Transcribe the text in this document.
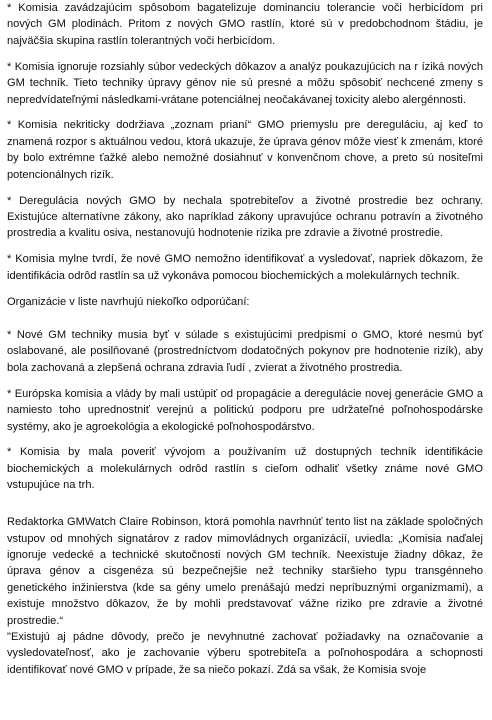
* Komisia zavádzajúcim spôsobom bagatelizuje dominanciu tolerancie voči herbicídom pri nových GM plodinách. Pritom z nových GMO rastlín, ktoré sú v predobchodnom štádiu, je najväčšia skupina rastlín tolerantných voči herbicídom.

* Komisia ignoruje rozsiahly súbor vedeckých dôkazov a analýz poukazujúcich na r íziká nových GM techník. Tieto techniky úpravy génov nie sú presné a môžu spôsobiť nechcené zmeny s nepredvídateľnými následkami-vrátane potenciálnej neočakávanej toxicity alebo alergénnosti.

* Komisia nekriticky dodržiava „zoznam prianí“ GMO priemyslu pre dereguláciu, aj keď to znamená rozpor s aktuálnou vedou, ktorá ukazuje, že úprava génov môže viesť k zmenám, ktoré by bolo extrémne ťažké alebo nemožné dosiahnuť v konvenčnom chove, a preto sú nositeľmi potencionálnych rizík.

* Deregulácia nových GMO by nechala spotrebiteľov a životné prostredie bez ochrany. Existujúce alternatívne zákony, ako napríklad zákony upravujúce ochranu potravín a životného prostredia a kvalitu osiva, nestanovujú hodnotenie rizika pre zdravie a životné prostredie.

* Komisia mylne tvrdí, že nové GMO nemožno identifikovať a vysledovať, napriek dôkazom, že identifikácia odrôd rastlín sa už vykonáva pomocou biochemických a molekulárnych techník.

Organizácie v liste navrhujú niekoľko odporúčaní:

* Nové GM techniky musia byť v súlade s existujúcimi predpismi o GMO, ktoré nesmú byť oslabované, ale posilňované (prostredníctvom dodatočných pokynov pre hodnotenie rizík), aby bola zachovaná a zlepšená ochrana zdravia ľudí , zvierat a životného prostredia.

* Európska komisia a vlády by mali ustúpiť od propagácie a deregulácie novej generácie GMO a namiesto toho uprednostniť verejnú a politickú podporu pre udržateľné poľnohospodárske systémy, ako je agroekológia a ekologické poľnohospodárstvo.

* Komisia by mala poveriť vývojom a používaním už dostupných techník identifikácie biochemických a molekulárnych odrôd rastlín s cieľom odhaliť všetky známe nové GMO vstupujúce na trh.

Redaktorka GMWatch Claire Robinson, ktorá pomohla navrhnúť tento list na základe spoločných vstupov od mnohých signatárov z radov mimovládnych organizácií, uviedla: „Komisia naďalej ignoruje vedecké a technické skutočnosti nových GM techník. Neexistuje žiadny dôkaz, že úprava génov a cisgenéza sú bezpečnejšie než techniky staršieho typu transgénneho genetického inžinierstva (kde sa gény umelo prenášajú medzi nepríbuznými organizmami), a existuje množstvo dôkazov, že by mohli predstavovať vážne riziko pre zdravie a životné prostredie.“

"Existujú aj pádne dôvody, prečo je nevyhnutné zachovať požiadavky na označovanie a vysledovateľnosť, ako je zachovanie výberu spotrebiteľa a poľnohospodára a schopnosti identifikovať nové GMO v prípade, že sa niečo pokazí. Zdá sa však, že Komisia svoje
